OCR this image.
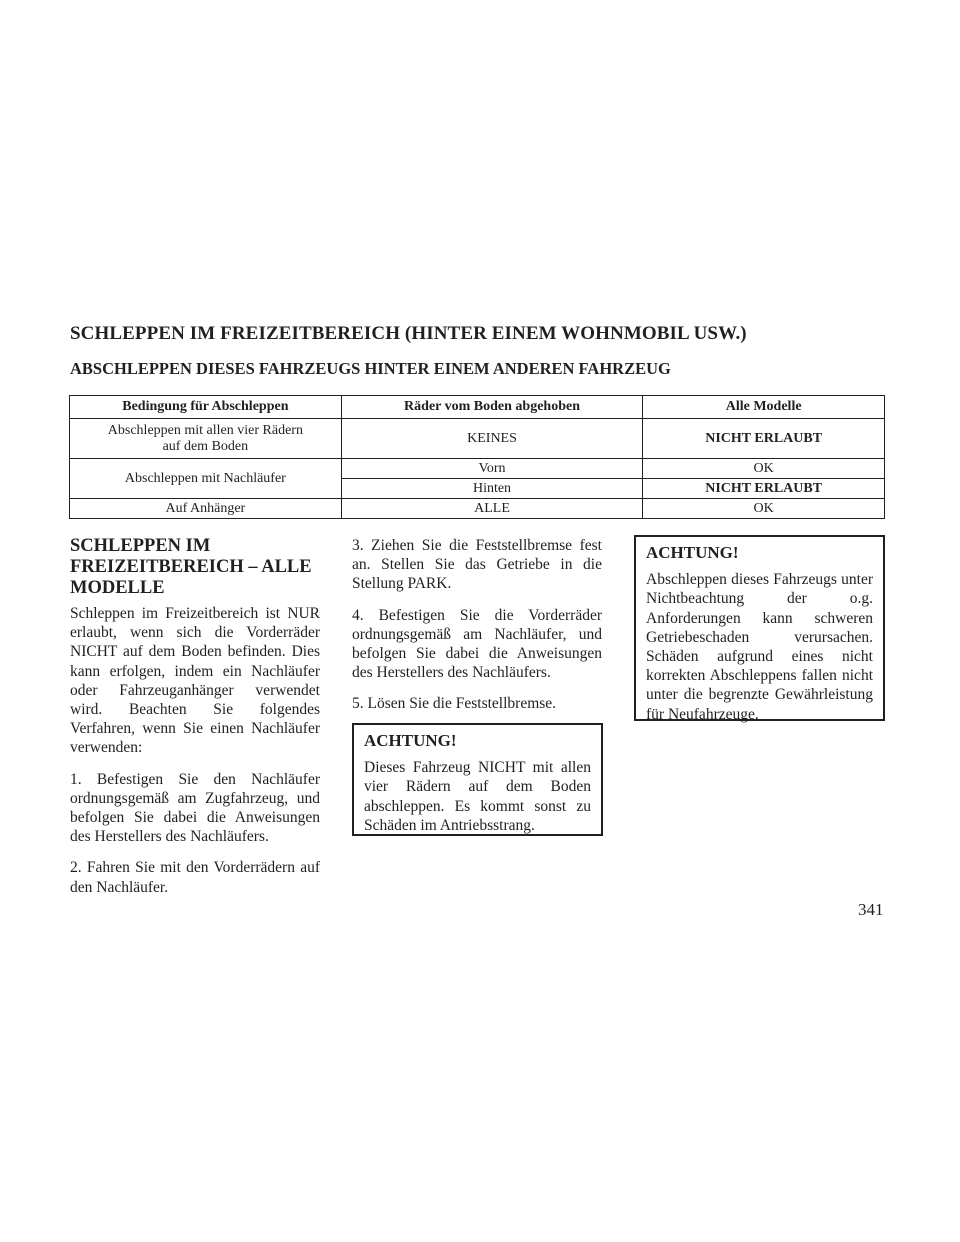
SCHLEPPEN IM FREIZEITBEREICH (HINTER EINEM WOHNMOBIL USW.)
ABSCHLEPPEN DIESES FAHRZEUGS HINTER EINEM ANDEREN FAHRZEUG
Bedingung für Abschleppen	Räder vom Boden abgehoben	Alle Modelle
Abschleppen mit allen vier Rädern auf dem Boden	KEINES	NICHT ERLAUBT
Abschleppen mit Nachläufer	Vorn	OK
	Hinten	NICHT ERLAUBT
Auf Anhänger	ALLE	OK
SCHLEPPEN IM FREIZEITBEREICH – ALLE MODELLE

Schleppen im Freizeitbereich ist NUR erlaubt, wenn sich die Vorderräder NICHT auf dem Boden befinden. Dies kann erfolgen, indem ein Nachläufer oder Fahrzeuganhänger verwendet wird. Beachten Sie folgendes Verfahren, wenn Sie einen Nachläufer verwenden:

1. Befestigen Sie den Nachläufer ordnungsgemäß am Zugfahrzeug, und befolgen Sie dabei die Anweisungen des Herstellers des Nachläufers.

2. Fahren Sie mit den Vorderrädern auf den Nachläufer.

3. Ziehen Sie die Feststellbremse fest an. Stellen Sie das Getriebe in die Stellung PARK.

4. Befestigen Sie die Vorderräder ordnungsgemäß am Nachläufer, und befolgen Sie dabei die Anweisungen des Herstellers des Nachläufers.

5. Lösen Sie die Feststellbremse.

ACHTUNG!

Dieses Fahrzeug NICHT mit allen vier Rädern auf dem Boden abschleppen. Es kommt sonst zu Schäden im Antriebsstrang.

ACHTUNG!

Abschleppen dieses Fahrzeugs unter Nichtbeachtung der o.g. Anforderungen kann schweren Getriebeschaden verursachen. Schäden aufgrund eines nicht korrekten Abschleppens fallen nicht unter die begrenzte Gewährleistung für Neufahrzeuge.

341
